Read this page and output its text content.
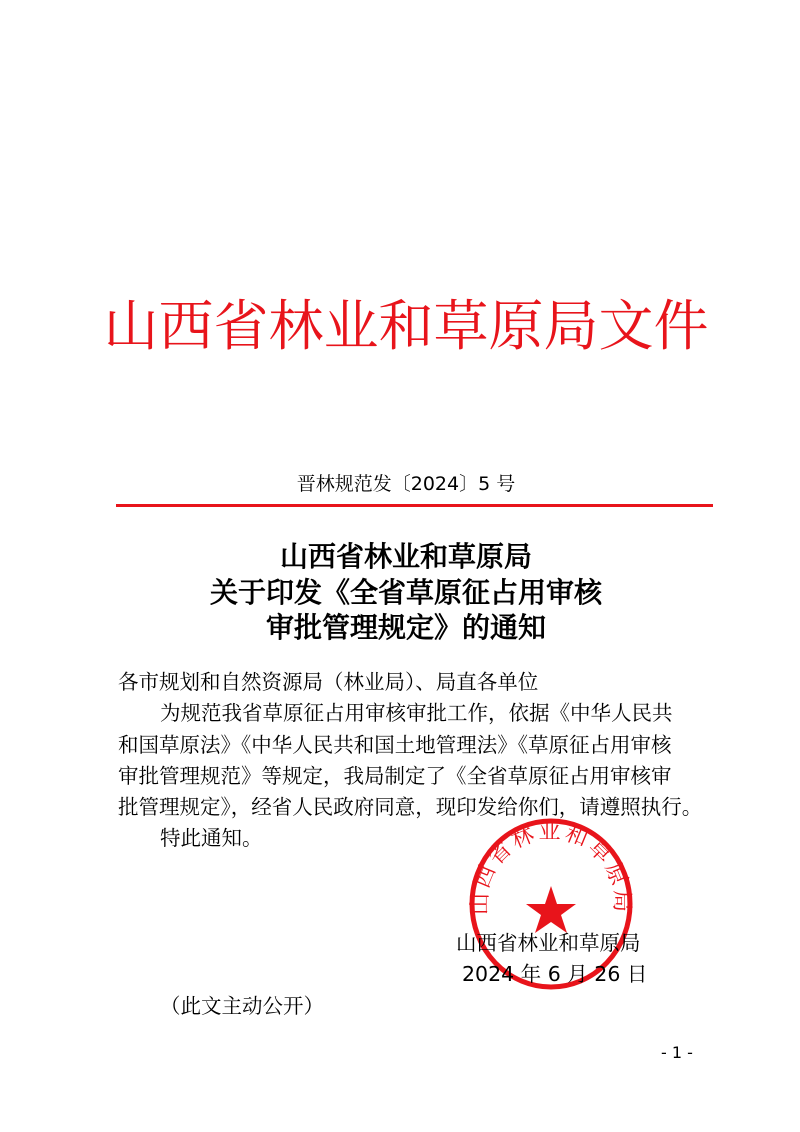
山西省林业和草原局文件
晋林规范发〔2024〕5 号
山西省林业和草原局
关于印发《全省草原征占用审核
审批管理规定》的通知
各市规划和自然资源局（林业局）、局直各单位
为规范我省草原征占用审核审批工作，依据《中华人民共
和国草原法》《中华人民共和国土地管理法》《草原征占用审核
审批管理规范》等规定，我局制定了《全省草原征占用审核审
批管理规定》，经省人民政府同意，现印发给你们，请遵照执行。
特此通知。
山西省林业和草原局
山西省林业和草原局
2024 年 6 月 26 日
（此文主动公开）
- 1 -
